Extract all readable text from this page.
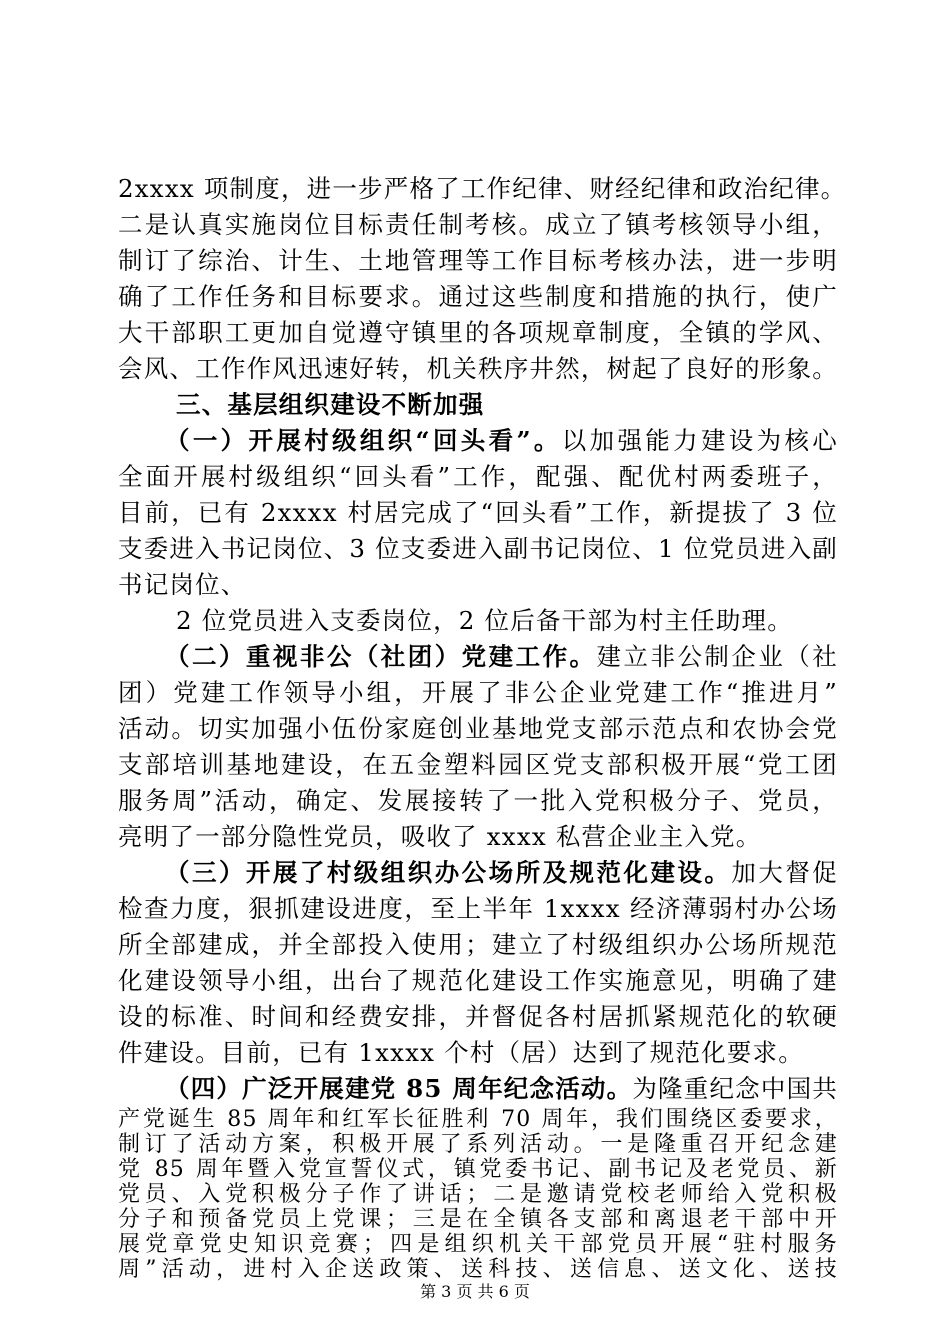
2xxxx 项制度，进一步严格了工作纪律、财经纪律和政治纪律。
二是认真实施岗位目标责任制考核。成立了镇考核领导小组，
制订了综治、计生、土地管理等工作目标考核办法，进一步明
确了工作任务和目标要求。通过这些制度和措施的执行，使广
大干部职工更加自觉遵守镇里的各项规章制度，全镇的学风、
会风、工作作风迅速好转，机关秩序井然，树起了良好的形象。
三、基层组织建设不断加强
（一）开展村级组织“回头看”。以加强能力建设为核心
全面开展村级组织“回头看”工作，配强、配优村两委班子，
目前，已有 2xxxx 村居完成了“回头看”工作，新提拔了 3 位
支委进入书记岗位、3 位支委进入副书记岗位、1 位党员进入副
书记岗位、
2 位党员进入支委岗位，2 位后备干部为村主任助理。
（二）重视非公（社团）党建工作。建立非公制企业（社
团）党建工作领导小组，开展了非公企业党建工作“推进月”
活动。切实加强小伍份家庭创业基地党支部示范点和农协会党
支部培训基地建设，在五金塑料园区党支部积极开展“党工团
服务周”活动，确定、发展接转了一批入党积极分子、党员，
亮明了一部分隐性党员，吸收了 xxxx 私营企业主入党。
（三）开展了村级组织办公场所及规范化建设。加大督促
检查力度，狠抓建设进度，至上半年 1xxxx 经济薄弱村办公场
所全部建成，并全部投入使用；建立了村级组织办公场所规范
化建设领导小组，出台了规范化建设工作实施意见，明确了建
设的标准、时间和经费安排，并督促各村居抓紧规范化的软硬
件建设。目前，已有 1xxxx 个村（居）达到了规范化要求。
（四）广泛开展建党 85 周年纪念活动。为隆重纪念中国共
第 3 页 共 6 页
产党诞生 85 周年和红军长征胜利 70 周年，我们围绕区委要求，
制订了活动方案，积极开展了系列活动。一是隆重召开纪念建
党 85 周年暨入党宣誓仪式，镇党委书记、副书记及老党员、新
党员、入党积极分子作了讲话；二是邀请党校老师给入党积极
分子和预备党员上党课；三是在全镇各支部和离退老干部中开
展党章党史知识竞赛；四是组织机关干部党员开展“驻村服务
周”活动，进村入企送政策、送科技、送信息、送文化、送技
